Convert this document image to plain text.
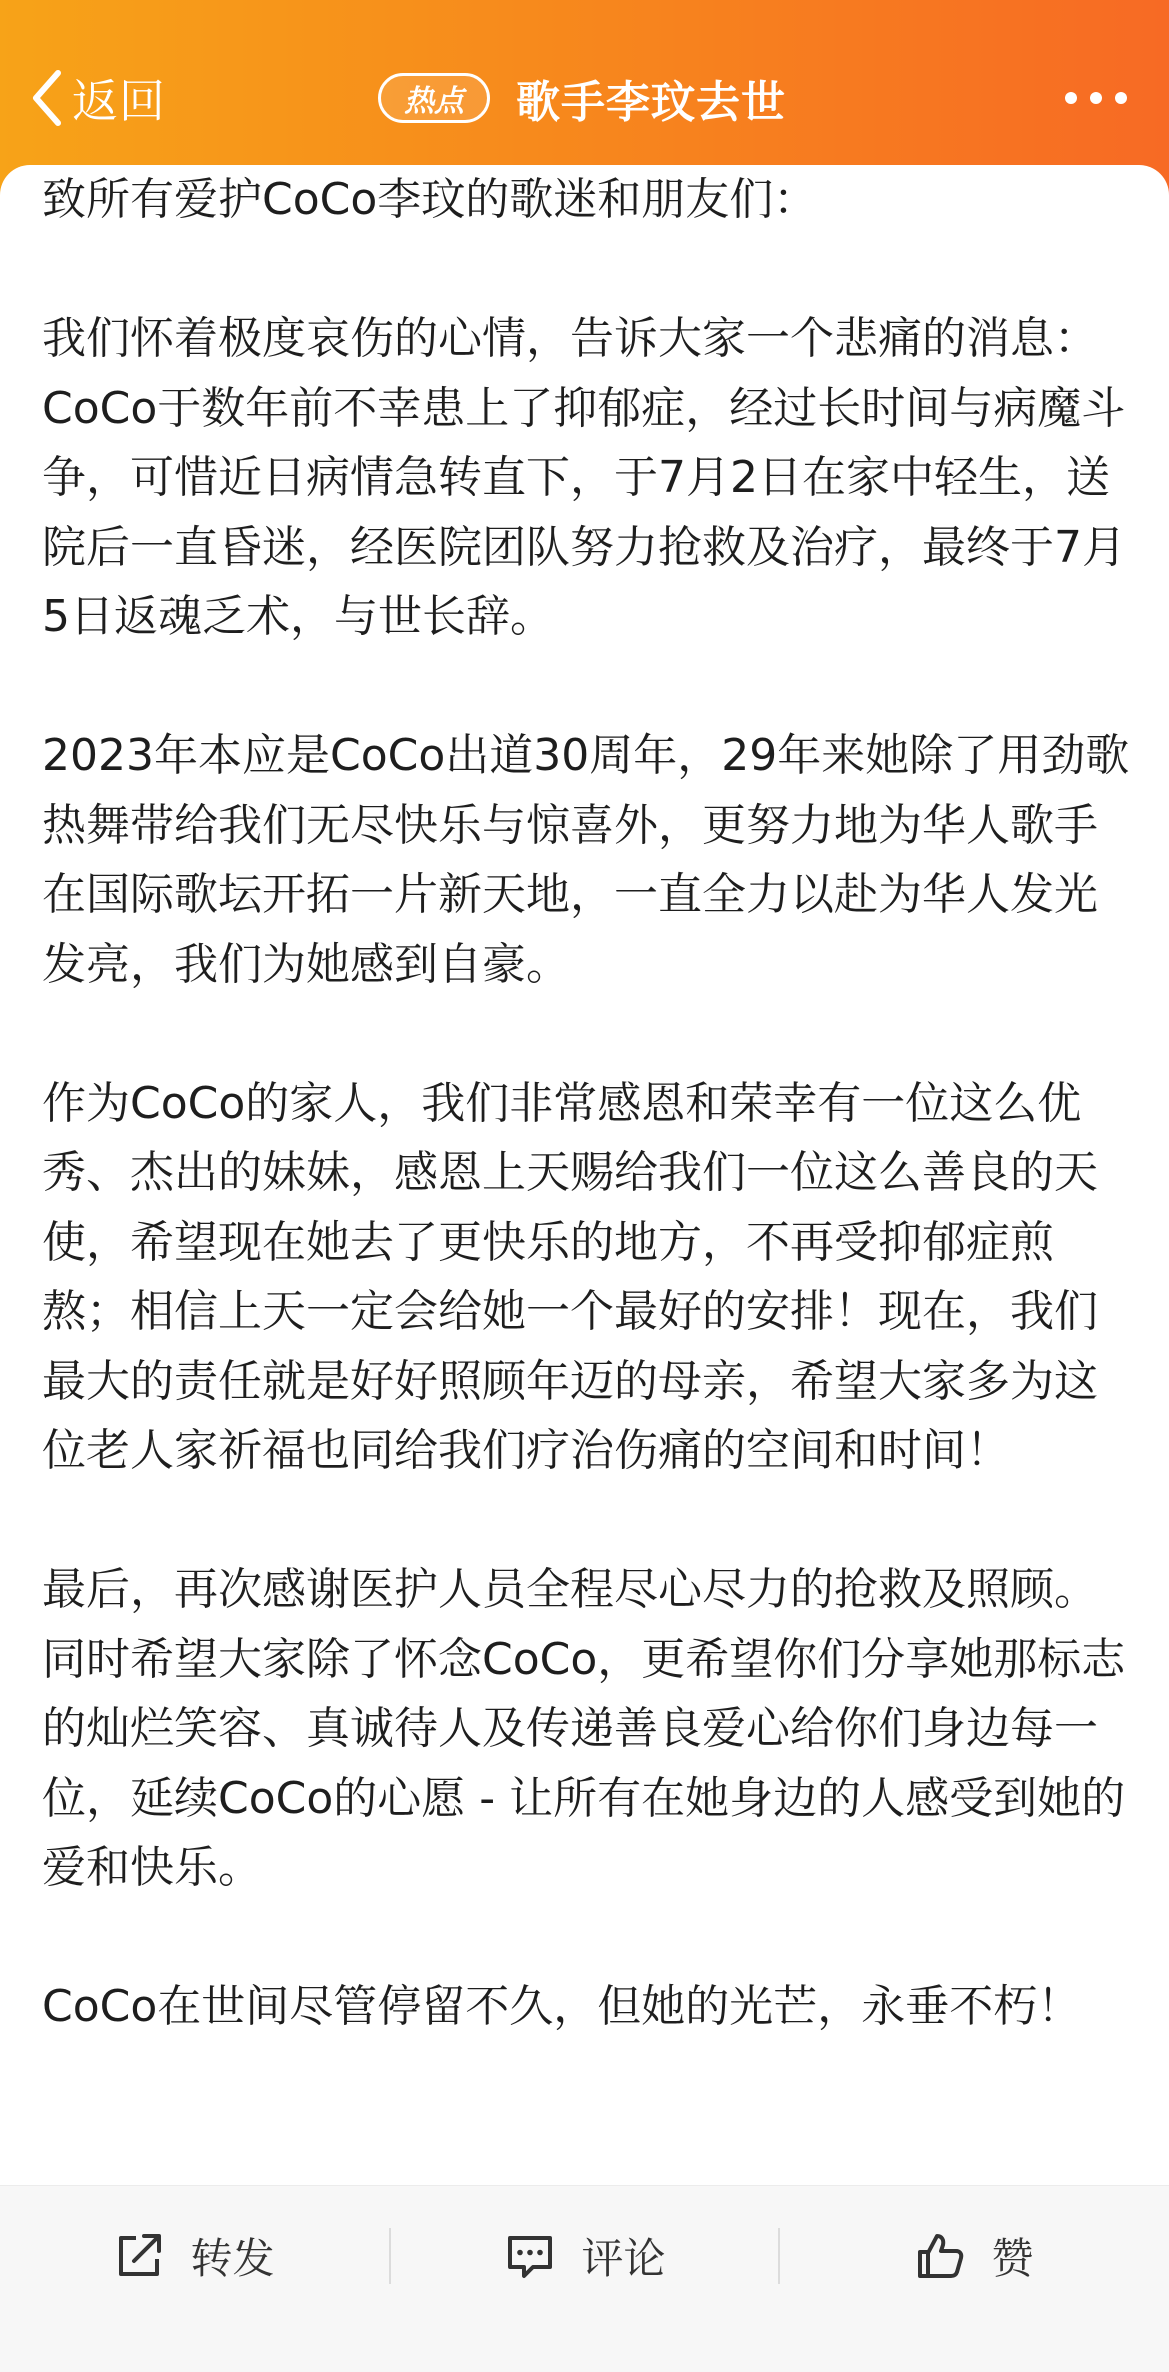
返回	热点	歌手李玟去世

致所有爱护CoCo李玟的歌迷和朋友们：

我们怀着极度哀伤的心情，告诉大家一个悲痛的消息：CoCo于数年前不幸患上了抑郁症，经过长时间与病魔斗争，可惜近日病情急转直下，于7月2日在家中轻生，送院后一直昏迷，经医院团队努力抢救及治疗，最终于7月5日返魂乏术，与世长辞。

2023年本应是CoCo出道30周年，29年来她除了用劲歌热舞带给我们无尽快乐与惊喜外，更努力地为华人歌手在国际歌坛开拓一片新天地，一直全力以赴为华人发光发亮，我们为她感到自豪。

作为CoCo的家人，我们非常感恩和荣幸有一位这么优秀、杰出的妹妹，感恩上天赐给我们一位这么善良的天使，希望现在她去了更快乐的地方，不再受抑郁症煎熬；相信上天一定会给她一个最好的安排！现在，我们最大的责任就是好好照顾年迈的母亲，希望大家多为这位老人家祈福也同给我们疗治伤痛的空间和时间！

最后，再次感谢医护人员全程尽心尽力的抢救及照顾。 同时希望大家除了怀念CoCo，更希望你们分享她那标志的灿烂笑容、真诚待人及传递善良爱心给你们身边每一位，延续CoCo的心愿 - 让所有在她身边的人感受到她的爱和快乐。

CoCo在世间尽管停留不久，但她的光芒，永垂不朽！

转发	评论	赞
